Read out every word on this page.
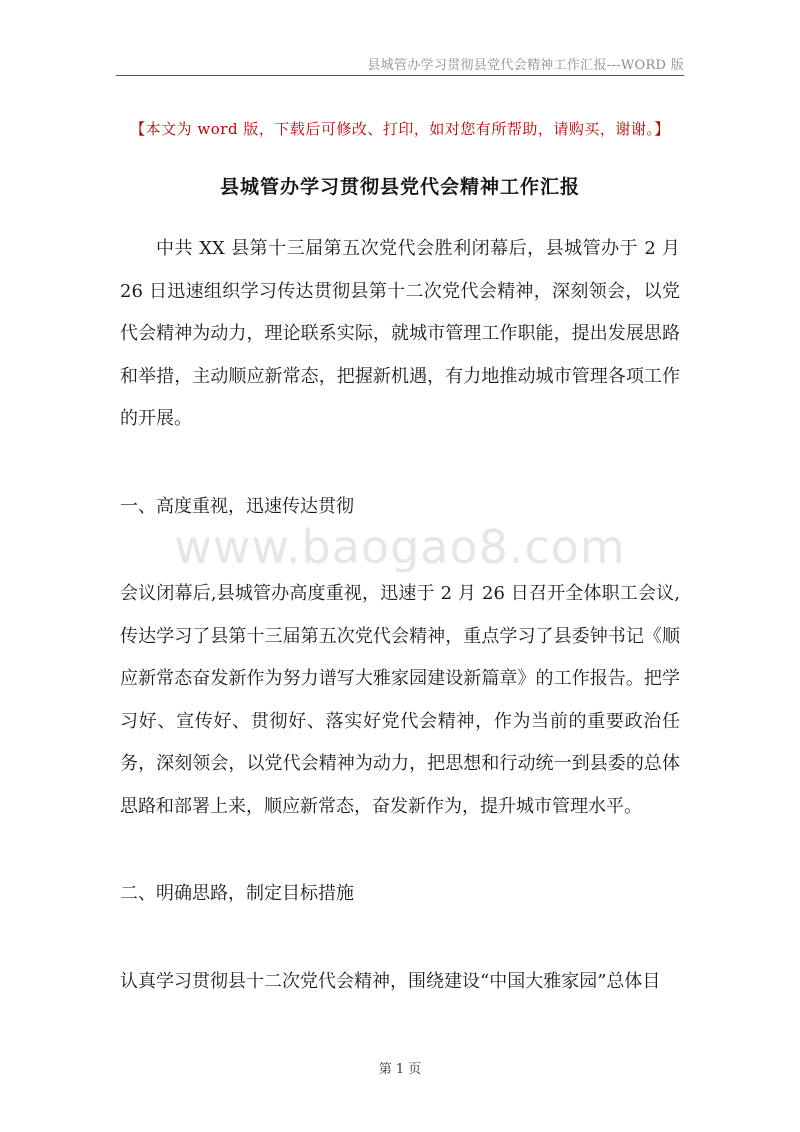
县城管办学习贯彻县党代会精神工作汇报---WORD 版
【本文为 word 版，下载后可修改、打印，如对您有所帮助，请购买，谢谢。】
县城管办学习贯彻县党代会精神工作汇报
www.baogao8.com

中共 XX 县第十三届第五次党代会胜利闭幕后，县城管办于 2 月 26 日迅速组织学习传达贯彻县第十二次党代会精神，深刻领会，以党代会精神为动力，理论联系实际，就城市管理工作职能，提出发展思路和举措，主动顺应新常态，把握新机遇，有力地推动城市管理各项工作的开展。

一、高度重视，迅速传达贯彻

会议闭幕后,县城管办高度重视，迅速于 2 月 26 日召开全体职工会议,传达学习了县第十三届第五次党代会精神，重点学习了县委钟书记《顺应新常态奋发新作为努力谱写大雅家园建设新篇章》的工作报告。把学习好、宣传好、贯彻好、落实好党代会精神，作为当前的重要政治任务，深刻领会，以党代会精神为动力，把思想和行动统一到县委的总体思路和部署上来，顺应新常态，奋发新作为，提升城市管理水平。

二、明确思路，制定目标措施

认真学习贯彻县十二次党代会精神，围绕建设“中国大雅家园”总体目

第 1 页
